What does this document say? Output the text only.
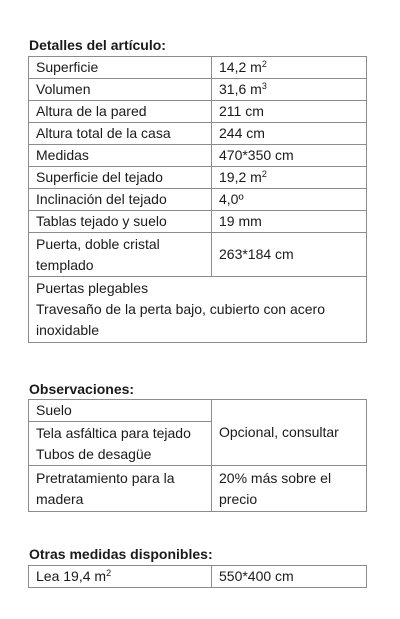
Detalles del artículo:
Superficie	14,2 $m^2$
Volumen	31,6 $m^3$
Altura de la pared	211 cm
Altura total de la casa	244 cm
Medidas	470*350 cm
Superficie del tejado	19,2 $m^2$
Inclinación del tejado	4,0º
Tablas tejado y suelo	19 mm

Puerta, doble cristal
templado	263*184 cm

Puertas plegables
Travesaño de la perta bajo, cubierto con acero
inoxidable	
Observaciones:
Suelo	Opcional, consultar

Tela asfáltica para tejado
Tubos de desagüe	

Pretratamiento para la
madera	20% más sobre el
precio
Otras medidas disponibles:
Lea 19,4 $m^2$	550*400 cm
